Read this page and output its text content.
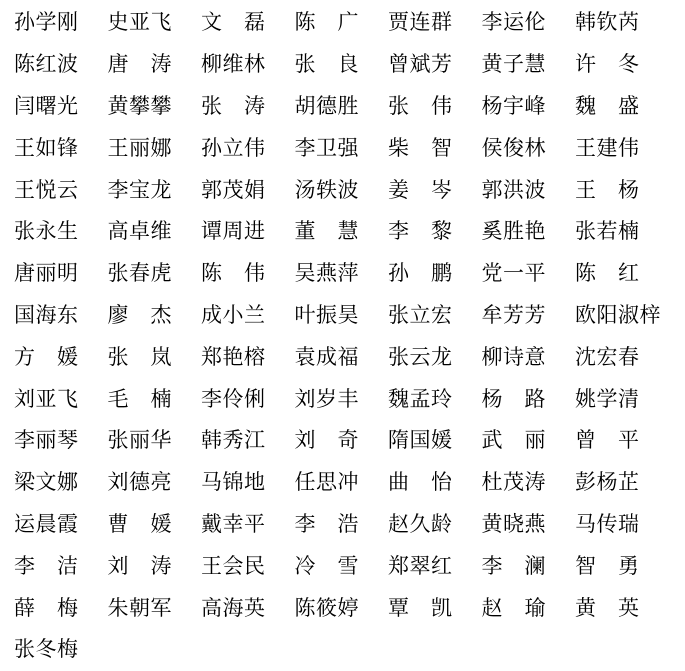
孙学刚	史亚飞	文　磊	陈　广	贾连群	李运伦	韩钦芮
陈红波	唐　涛	柳维林	张　良	曾斌芳	黄子慧	许　冬
闫曙光	黄攀攀	张　涛	胡德胜	张　伟	杨宇峰	魏　盛
王如锋	王丽娜	孙立伟	李卫强	柴　智	侯俊林	王建伟
王悦云	李宝龙	郭茂娟	汤轶波	姜　岑	郭洪波	王　杨
张永生	高卓维	谭周进	董　慧	李　黎	奚胜艳	张若楠
唐丽明	张春虎	陈　伟	吴燕萍	孙　鹏	党一平	陈　红
国海东	廖　杰	成小兰	叶振昊	张立宏	牟芳芳	欧阳淑梓
方　媛	张　岚	郑艳榕	袁成福	张云龙	柳诗意	沈宏春
刘亚飞	毛　楠	李伶俐	刘岁丰	魏孟玲	杨　路	姚学清
李丽琴	张丽华	韩秀江	刘　奇	隋国媛	武　丽	曾　平
梁文娜	刘德亮	马锦地	任思冲	曲　怡	杜茂涛	彭杨芷
运晨霞	曹　媛	戴幸平	李　浩	赵久龄	黄晓燕	马传瑞
李　洁	刘　涛	王会民	冷　雪	郑翠红	李　澜	智　勇
薛　梅	朱朝军	高海英	陈筱婷	覃　凯	赵　瑜	黄　英
张冬梅
